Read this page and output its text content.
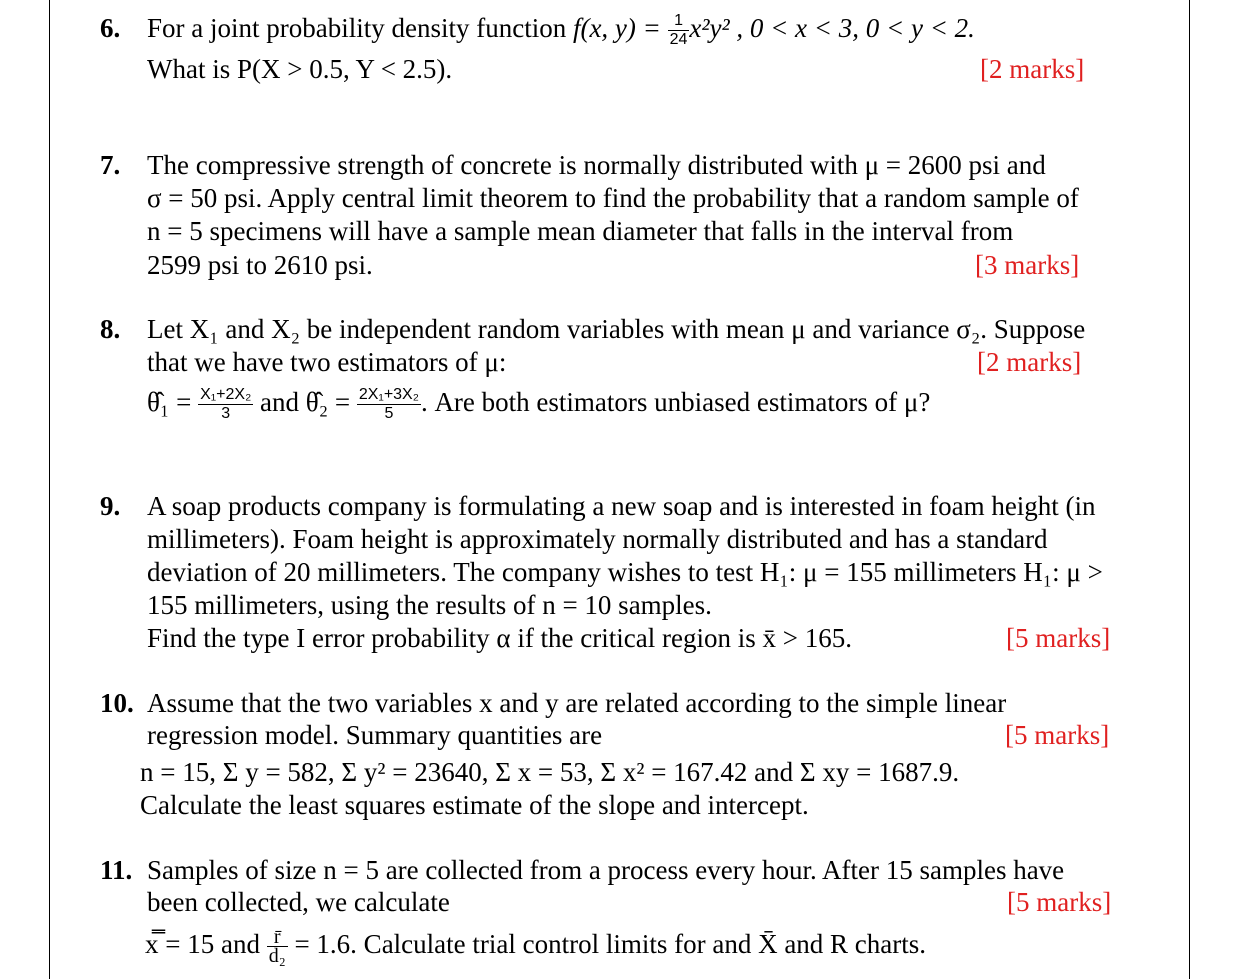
6. For a joint probability density function f(x, $y) = \frac{1}{24} x^2y^2$ , 0 < x < 3, 0 < y < 2.
What is P(X > 0.5, Y < 2.5).	[2 marks]
7. The compressive strength of concrete is normally distributed with μ = 2600 psi and
σ = 50 psi. Apply central limit theorem to find the probability that a random sample of
n = 5 specimens will have a sample mean diameter that falls in the interval from
2599 psi to 2610 psi.	[3 marks]
8. Let X₁ and X₂ be independent random variables with mean μ and variance σ₂. Suppose
that we have two estimators of μ:	[2 marks]
θ̂₁ = $\frac{\text{X₁+2X₂}}{3}$ and θ̂₂ = $\frac{\text{2X₁+3X₂}}{5}$ . Are both estimators unbiased estimators of μ?
9. A soap products company is formulating a new soap and is interested in foam height (in
millimeters). Foam height is approximately normally distributed and has a standard
deviation of 20 millimeters. The company wishes to test H₁: μ = 155 millimeters H₁: μ >
155 millimeters, using the results of n = 10 samples.
Find the type I error probability α if the critical region is x̄ > 165.	[5 marks]
10. Assume that the two variables x and y are related according to the simple linear
regression model. Summary quantities are	[5 marks]
n = 15, Σ y = 582, Σ y² = 23640, Σ x = 53, Σ x² = 167.42 and Σ xy = 1687.9.
Calculate the least squares estimate of the slope and intercept.
11. Samples of size n = 5 are collected from a process every hour. After 15 samples have
been collected, we calculate	[5 marks]
x̿ = 15 and $\frac{r̄}{\text{d₂}} = 1.6$. Calculate trial control limits for and X̄ and R charts.
